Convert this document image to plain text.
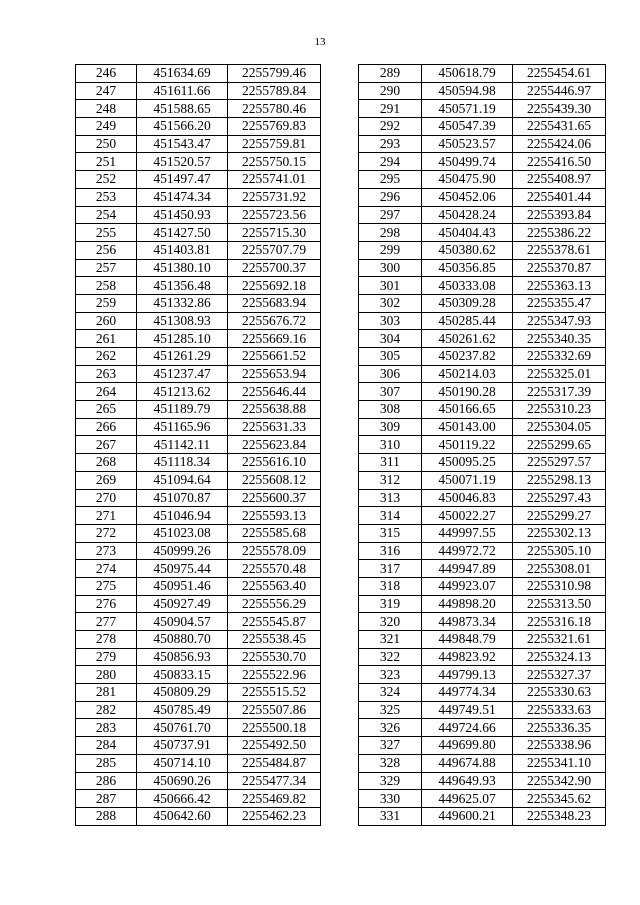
13
246	451634.69	2255799.46
247	451611.66	2255789.84
248	451588.65	2255780.46
249	451566.20	2255769.83
250	451543.47	2255759.81
251	451520.57	2255750.15
252	451497.47	2255741.01
253	451474.34	2255731.92
254	451450.93	2255723.56
255	451427.50	2255715.30
256	451403.81	2255707.79
257	451380.10	2255700.37
258	451356.48	2255692.18
259	451332.86	2255683.94
260	451308.93	2255676.72
261	451285.10	2255669.16
262	451261.29	2255661.52
263	451237.47	2255653.94
264	451213.62	2255646.44
265	451189.79	2255638.88
266	451165.96	2255631.33
267	451142.11	2255623.84
268	451118.34	2255616.10
269	451094.64	2255608.12
270	451070.87	2255600.37
271	451046.94	2255593.13
272	451023.08	2255585.68
273	450999.26	2255578.09
274	450975.44	2255570.48
275	450951.46	2255563.40
276	450927.49	2255556.29
277	450904.57	2255545.87
278	450880.70	2255538.45
279	450856.93	2255530.70
280	450833.15	2255522.96
281	450809.29	2255515.52
282	450785.49	2255507.86
283	450761.70	2255500.18
284	450737.91	2255492.50
285	450714.10	2255484.87
286	450690.26	2255477.34
287	450666.42	2255469.82
288	450642.60	2255462.23
289	450618.79	2255454.61
290	450594.98	2255446.97
291	450571.19	2255439.30
292	450547.39	2255431.65
293	450523.57	2255424.06
294	450499.74	2255416.50
295	450475.90	2255408.97
296	450452.06	2255401.44
297	450428.24	2255393.84
298	450404.43	2255386.22
299	450380.62	2255378.61
300	450356.85	2255370.87
301	450333.08	2255363.13
302	450309.28	2255355.47
303	450285.44	2255347.93
304	450261.62	2255340.35
305	450237.82	2255332.69
306	450214.03	2255325.01
307	450190.28	2255317.39
308	450166.65	2255310.23
309	450143.00	2255304.05
310	450119.22	2255299.65
311	450095.25	2255297.57
312	450071.19	2255298.13
313	450046.83	2255297.43
314	450022.27	2255299.27
315	449997.55	2255302.13
316	449972.72	2255305.10
317	449947.89	2255308.01
318	449923.07	2255310.98
319	449898.20	2255313.50
320	449873.34	2255316.18
321	449848.79	2255321.61
322	449823.92	2255324.13
323	449799.13	2255327.37
324	449774.34	2255330.63
325	449749.51	2255333.63
326	449724.66	2255336.35
327	449699.80	2255338.96
328	449674.88	2255341.10
329	449649.93	2255342.90
330	449625.07	2255345.62
331	449600.21	2255348.23
